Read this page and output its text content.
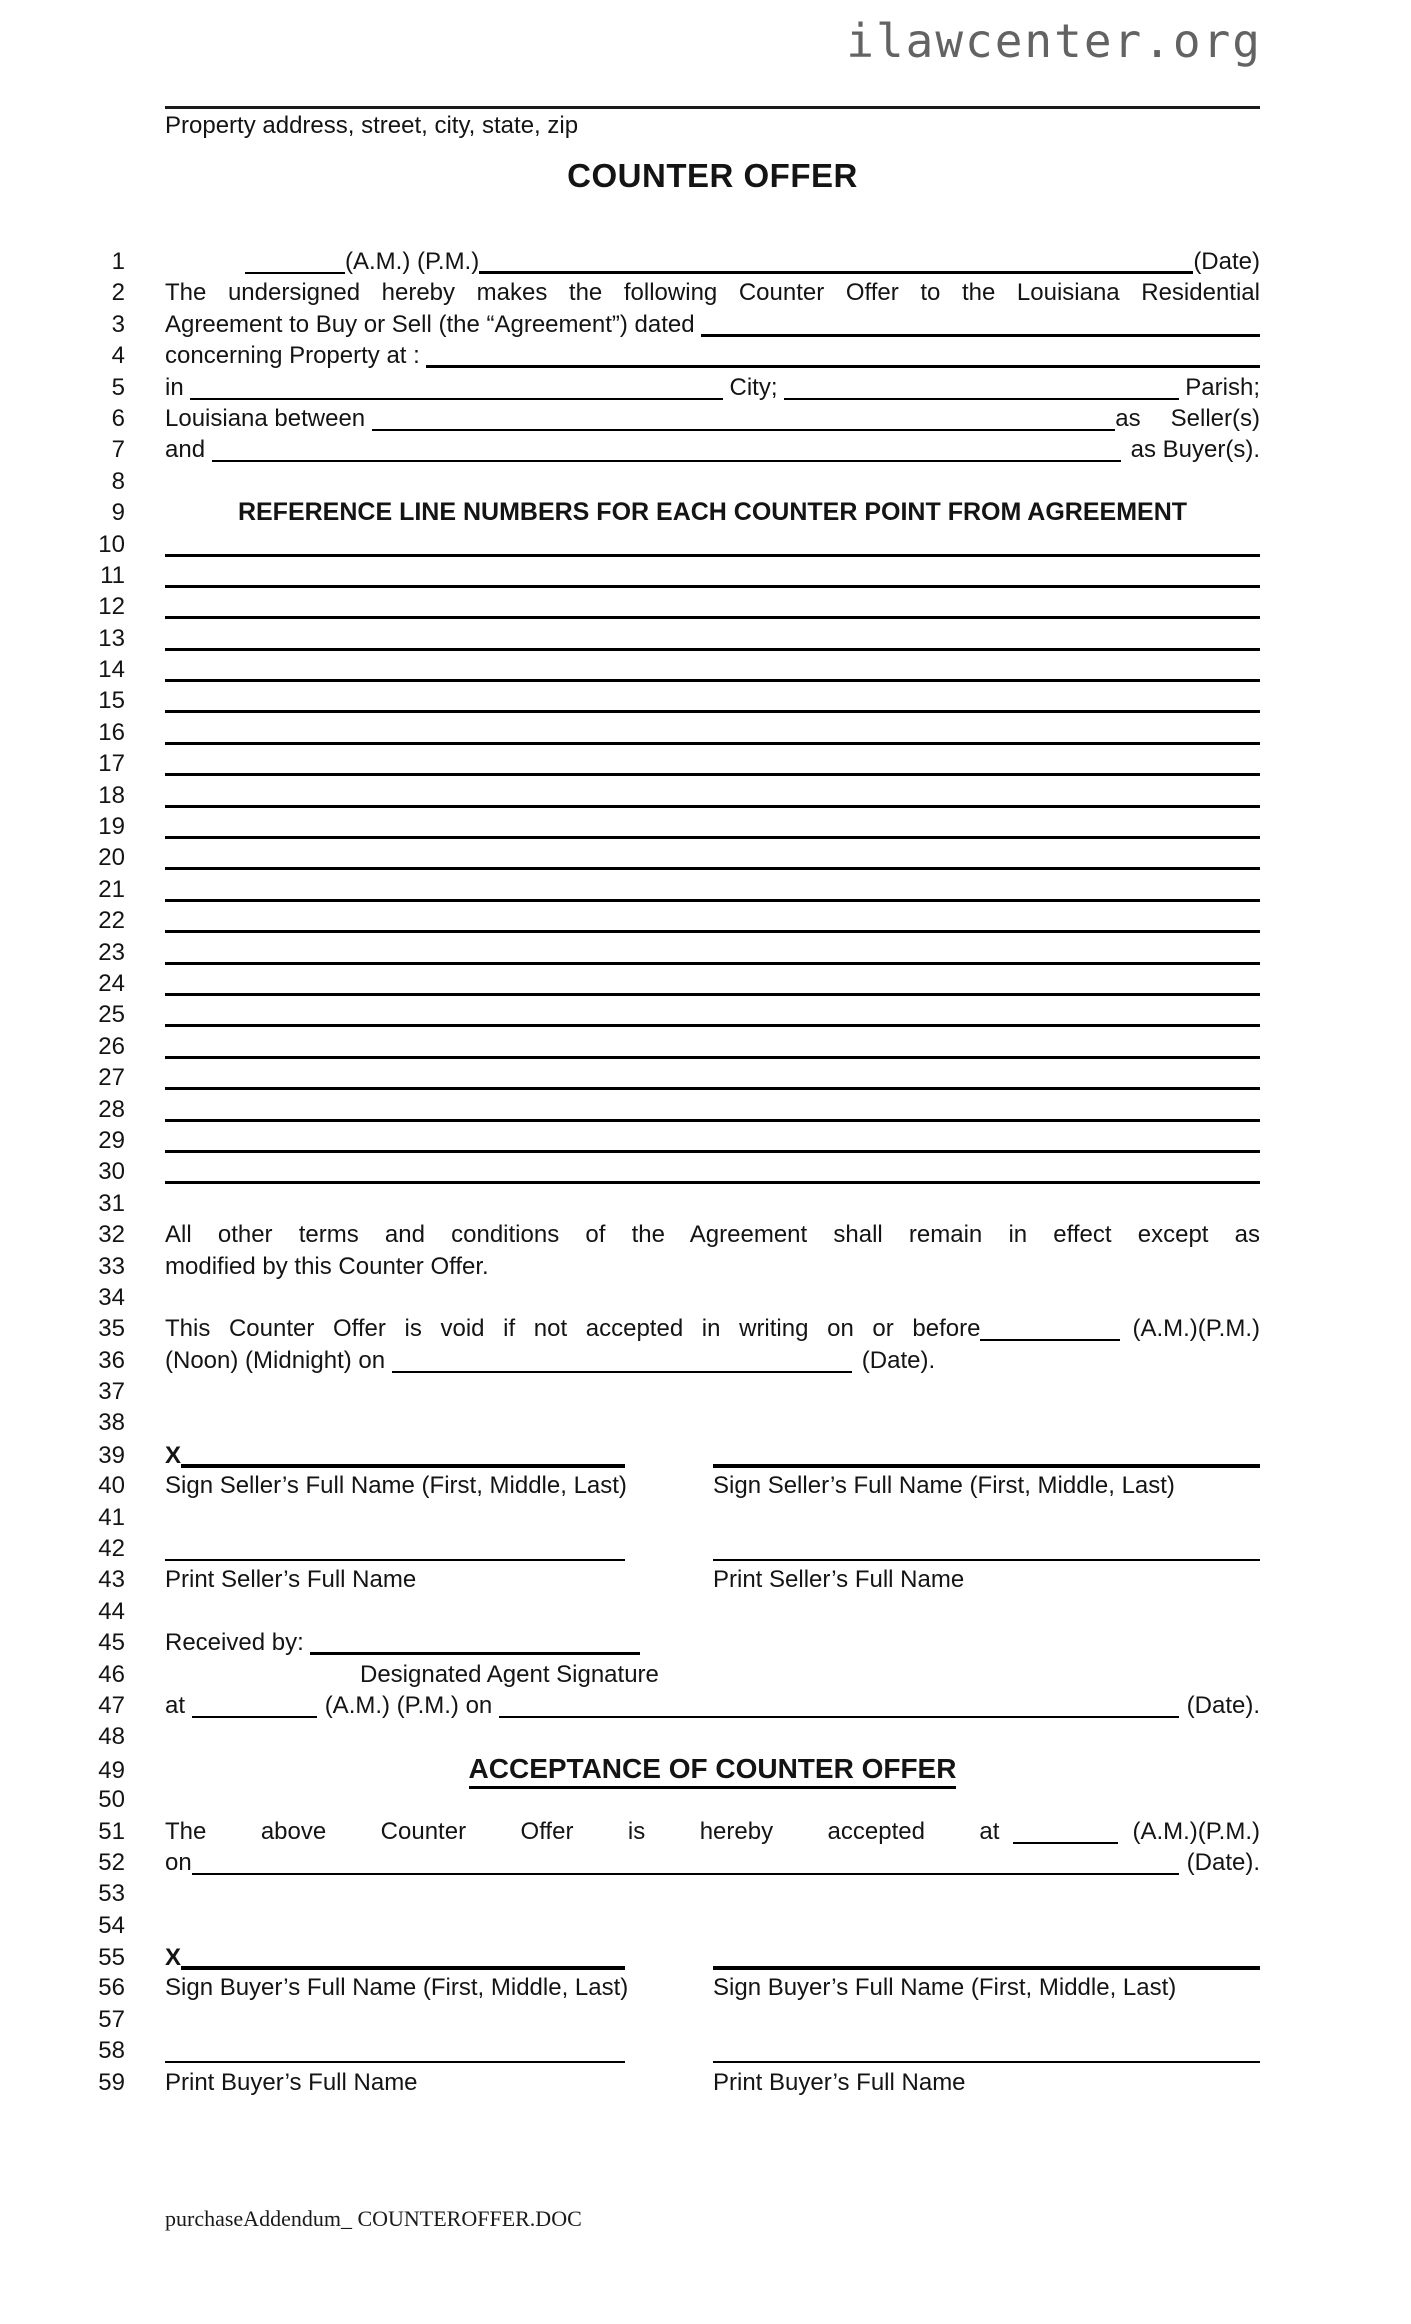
ilawcenter.org
Property address, street, city, state, zip
COUNTER OFFER
1	(A.M.) (P.M.)	(Date)
2 The undersigned hereby makes the following Counter Offer to the Louisiana Residential
3 Agreement to Buy or Sell (the “Agreement”) dated
4 concerning Property at :
5 in	City;	Parish;
6 Louisiana between	as Seller(s)
7 and	as Buyer(s).
8
9	REFERENCE LINE NUMBERS FOR EACH COUNTER POINT FROM AGREEMENT
10
11
12
13
14
15
16
17
18
19
20
21
22
23
24
25
26
27
28
29
30
31
32 All other terms and conditions of the Agreement shall remain in effect except as
33 modified by this Counter Offer.
34
35 This Counter Offer is void if not accepted in writing on or before	(A.M.)(P.M.)
36 (Noon) (Midnight) on	(Date).
37
38
39 X
40 Sign Seller’s Full Name (First, Middle, Last)	Sign Seller’s Full Name (First, Middle, Last)
41
42
43 Print Seller’s Full Name	Print Seller’s Full Name
44
45 Received by:
46	Designated Agent Signature
47 at	(A.M.) (P.M.) on	(Date).
48
49	ACCEPTANCE OF COUNTER OFFER
50
51 The above Counter Offer is hereby accepted at	(A.M.)(P.M.)
52 on	(Date).
53
54
55 X
56 Sign Buyer’s Full Name (First, Middle, Last)	Sign Buyer’s Full Name (First, Middle, Last)
57
58
59 Print Buyer’s Full Name	Print Buyer’s Full Name
purchaseAddendum_ COUNTEROFFER.DOC
